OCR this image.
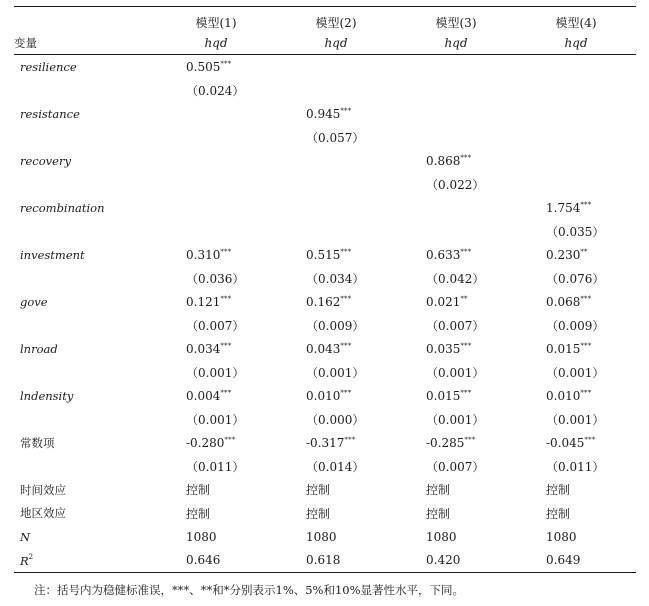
	模型(1)	模型(2)	模型(3)	模型(4)
变量	hqd	hqd	hqd	hqd
resilience	0.505***			
	（0.024）			
resistance		0.945***		
		（0.057）		
recovery			0.868***	
			（0.022）	
recombination				1.754***
				（0.035）
investment	0.310***	0.515***	0.633***	0.230**
	（0.036）	（0.034）	（0.042）	（0.076）
gove	0.121***	0.162***	0.021**	0.068***
	（0.007）	（0.009）	（0.007）	（0.009）
lnroad	0.034***	0.043***	0.035***	0.015***
	（0.001）	（0.001）	（0.001）	（0.001）
lndensity	0.004***	0.010***	0.015***	0.010***
	（0.001）	（0.000）	（0.001）	（0.001）
常数项	-0.280***	-0.317***	-0.285***	-0.045***
	（0.011）	（0.014）	（0.007）	（0.011）
时间效应	控制	控制	控制	控制
地区效应	控制	控制	控制	控制
N	1080	1080	1080	1080
$R^2$	0.646	0.618	0.420	0.649
注：括号内为稳健标准误，***、**和*分别表示1%、5%和10%显著性水平，下同。
